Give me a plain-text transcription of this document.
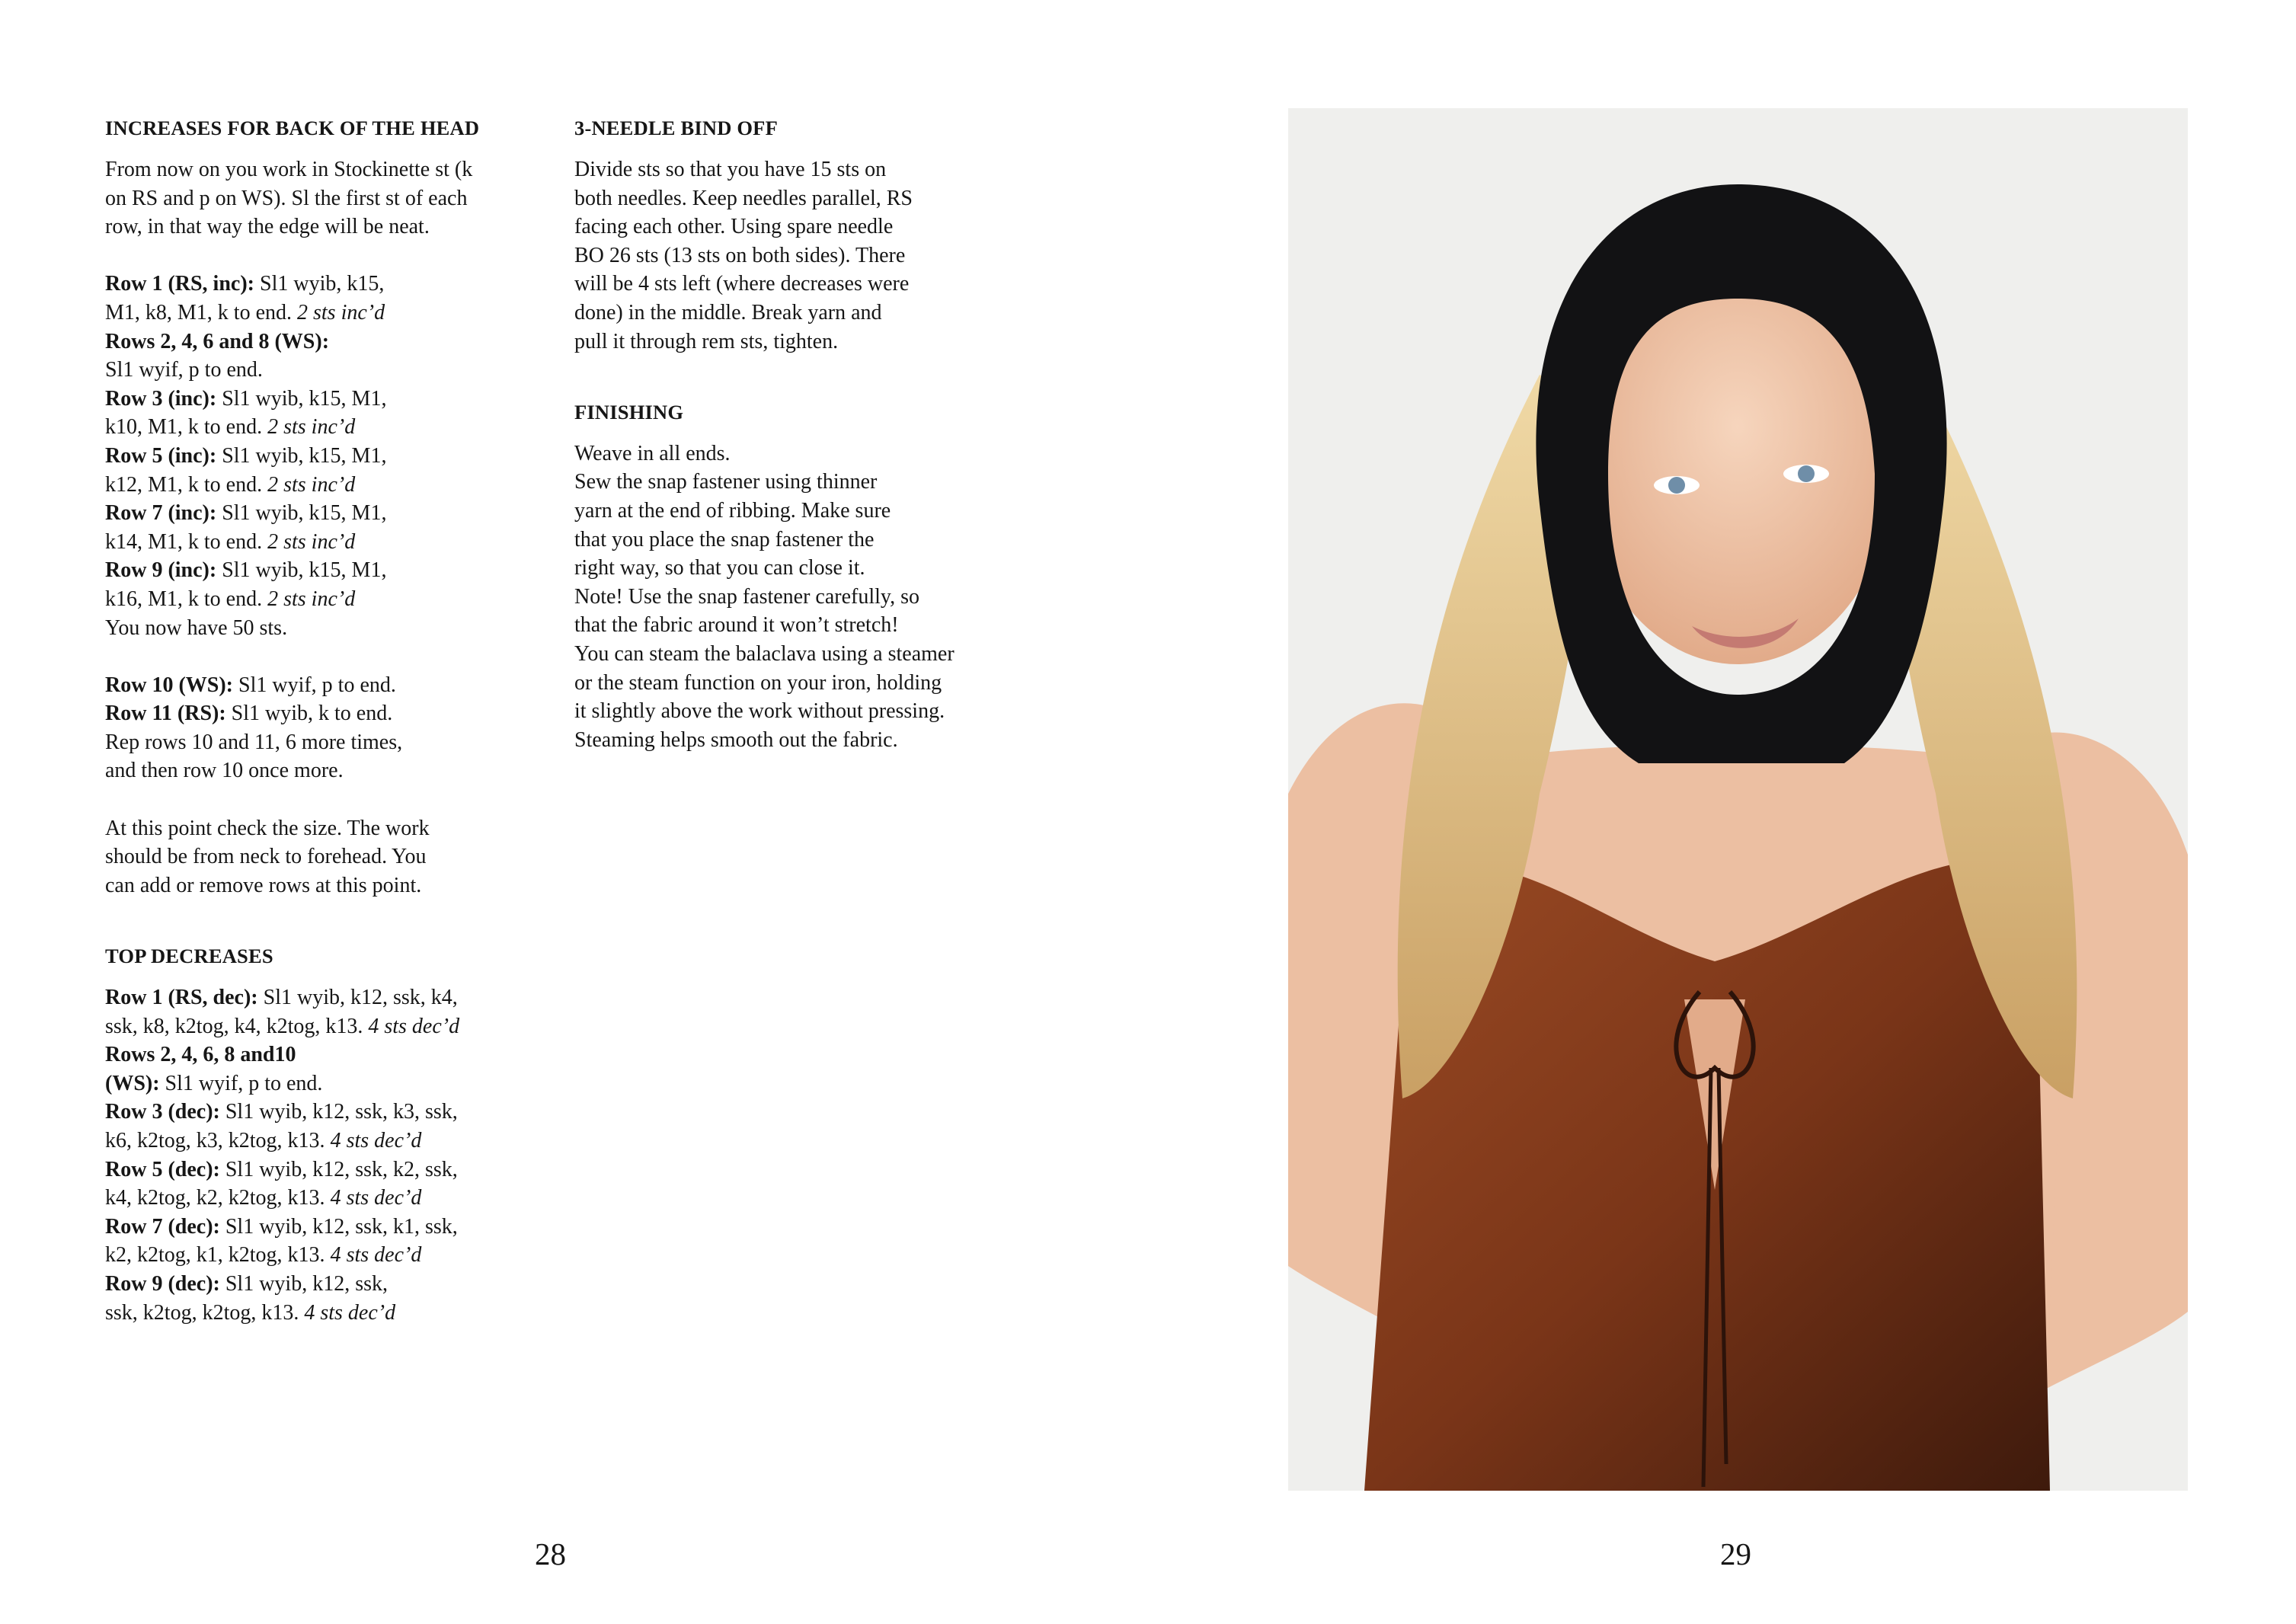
INCREASES FOR BACK OF THE HEAD
From now on you work in Stockinette st (k
on RS and p on WS). Sl the first st of each
row, in that way the edge will be neat.
Row 1 (RS, inc): Sl1 wyib, k15,
M1, k8, M1, k to end. 2 sts inc’d
Rows 2, 4, 6 and 8 (WS):
Sl1 wyif, p to end.
Row 3 (inc): Sl1 wyib, k15, M1,
k10, M1, k to end. 2 sts inc’d
Row 5 (inc): Sl1 wyib, k15, M1,
k12, M1, k to end. 2 sts inc’d
Row 7 (inc): Sl1 wyib, k15, M1,
k14, M1, k to end. 2 sts inc’d
Row 9 (inc): Sl1 wyib, k15, M1,
k16, M1, k to end. 2 sts inc’d
You now have 50 sts.
Row 10 (WS): Sl1 wyif, p to end.
Row 11 (RS): Sl1 wyib, k to end.
Rep rows 10 and 11, 6 more times,
and then row 10 once more.
At this point check the size. The work
should be from neck to forehead. You
can add or remove rows at this point.
TOP DECREASES
Row 1 (RS, dec): Sl1 wyib, k12, ssk, k4,
ssk, k8, k2tog, k4, k2tog, k13. 4 sts dec’d
Rows 2, 4, 6, 8 and10
(WS): Sl1 wyif, p to end.
Row 3 (dec): Sl1 wyib, k12, ssk, k3, ssk,
k6, k2tog, k3, k2tog, k13. 4 sts dec’d
Row 5 (dec): Sl1 wyib, k12, ssk, k2, ssk,
k4, k2tog, k2, k2tog, k13. 4 sts dec’d
Row 7 (dec): Sl1 wyib, k12, ssk, k1, ssk,
k2, k2tog, k1, k2tog, k13. 4 sts dec’d
Row 9 (dec): Sl1 wyib, k12, ssk,
ssk, k2tog, k2tog, k13. 4 sts dec’d
3-NEEDLE BIND OFF
Divide sts so that you have 15 sts on
both needles. Keep needles parallel, RS
facing each other. Using spare needle
BO 26 sts (13 sts on both sides). There
will be 4 sts left (where decreases were
done) in the middle. Break yarn and
pull it through rem sts, tighten.
FINISHING
Weave in all ends.
Sew the snap fastener using thinner
yarn at the end of ribbing. Make sure
that you place the snap fastener the
right way, so that you can close it.
Note! Use the snap fastener carefully, so
that the fabric around it won’t stretch!
You can steam the balaclava using a steamer
or the steam function on your iron, holding
it slightly above the work without pressing.
Steaming helps smooth out the fabric.
28	29
